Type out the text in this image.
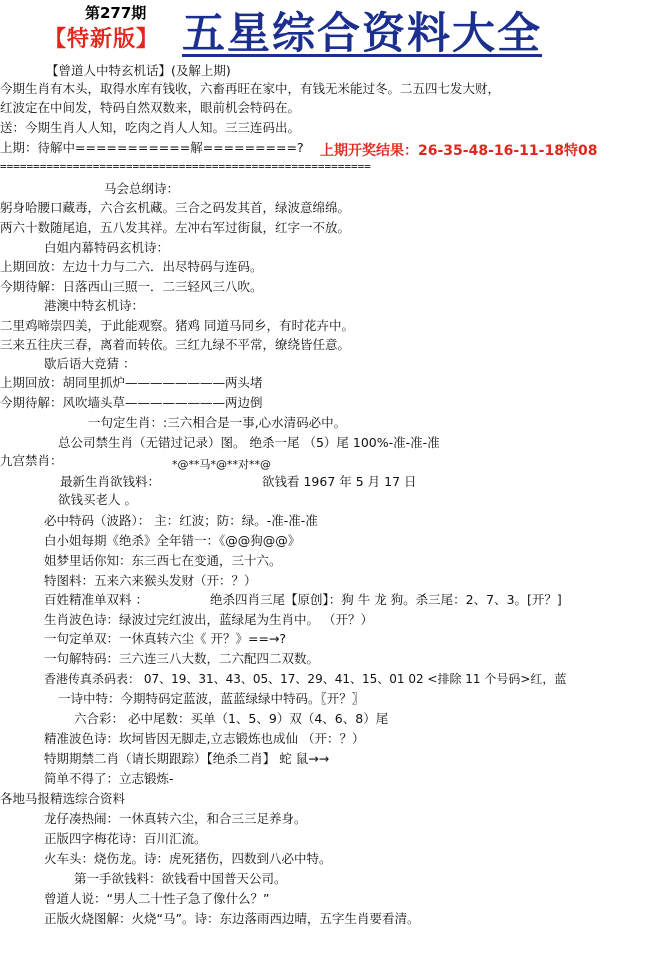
第277期
【特新版】 五星综合资料大全
【曾道人中特玄机话】(及解上期)
今期生肖有木头，取得水库有钱收，六畜再旺在家中，有钱无米能过冬。二五四七发大财，
红波定在中间发，特码自然双数来，眼前机会特码在。
送：今期生肖人人知，吃肉之肖人人知。三三连码出。
上期：待解中===========解=========? 上期开奖结果：26-35-48-16-11-18特08
========================================================
马会总纲诗：
躬身哈腰口藏毒，六合玄机藏。三合之码发其首，绿波意绵绵。
两六十数随尾追，五八发其祥。左冲右军过街鼠，红字一不放。
白姐内幕特码玄机诗：
上期回放：左边十力与二六．出尽特码与连码。
今期待解：日落西山三照一．二三轻风三八吹。
港澳中特玄机诗：
二里鸡啼崇四美，于此能观察。猪鸡 同道马同乡，有时花卉中。
三来五往庆三春，离着而转依。三红九绿不平常，缭绕皆任意。
歇后语大竞猜 ：
上期回放：胡同里抓炉————————两头堵
今期待解：风吹墙头草————————两边倒
一句定生肖：:三六相合是一事,心水清码必中。
总公司禁生肖（无错过记录）图。 绝杀一尾 （5）尾 100%-准-准-准
九宫禁肖：	*@**马*@**对**@
最新生肖欲钱料：	欲钱看 1967 年 5 月 17 日
欲钱买老人 。
必中特码（波路）： 主：红波；防：绿。-准-准-准
白小姐每期《绝杀》全年错一：《@@狗@@》
姐梦里话你知：东三西七在变通，三十六。
特图料：五来六来猴头发财（开：？）
百姓精准单双料 ：	绝杀四肖三尾【原创】：狗 牛 龙 狗。杀三尾：2、7、3。[开？]
生肖波色诗：绿波过完红波出，蓝绿尾为生肖中。 （开？）
一句定单双：一休真转六尘《 开？》==→?
一句解特码：三六连三八大数，二六配四二双数。
香港传真杀码表： 07、19、31、43、05、17、29、41、15、01 02 <排除 11 个号码>红，蓝
一诗中特：今期特码定蓝波，蓝蓝绿绿中特码。〖开？〗
六合彩： 必中尾数：买单（1、5、9）双（4、6、8）尾
精准波色诗：坎坷皆因无脚走,立志锻炼也成仙 （开：？）
特期期禁二肖（请长期跟踪）【绝杀二肖】 蛇 鼠→→
简单不得了：立志锻炼-
各地马报精选综合资料
龙仔凑热闹：一休真转六尘，和合三三足养身。
正版四字梅花诗：百川汇流。
火车头：烧伤龙。诗：虎死猪伤，四数到八必中特。
第一手欲钱料：欲钱看中国普天公司。
曾道人说：“男人二十性子急了像什么？”
正版火烧图解：火烧“马”。诗：东边落雨西边晴，五字生肖要看清。
